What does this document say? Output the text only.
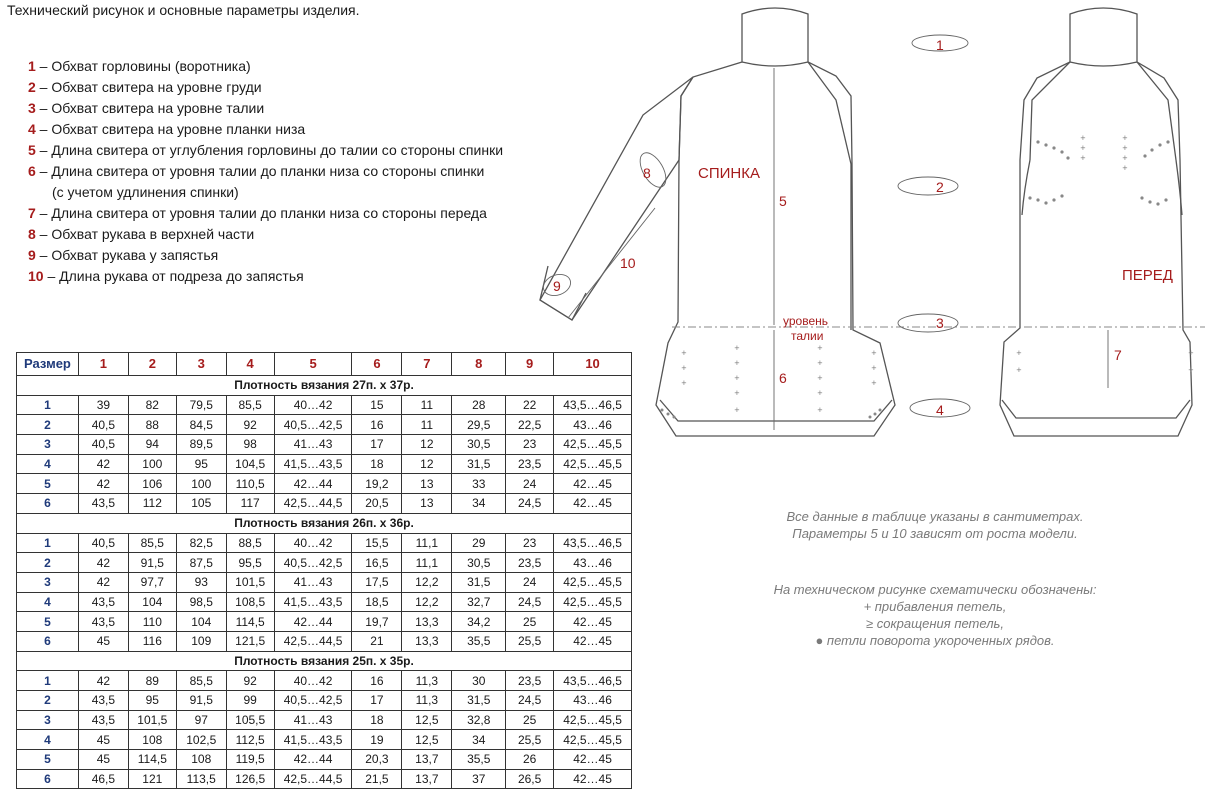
Технический рисунок и основные параметры изделия.
1 – Обхват горловины (воротника)
2 – Обхват свитера на уровне груди
3 – Обхват свитера на уровне талии
4 – Обхват свитера на уровне планки низа
5 – Длина свитера от углубления горловины до талии со стороны спинки
6 – Длина свитера от уровня талии до планки низа со стороны спинки
(с учетом удлинения спинки)
7 – Длина свитера от уровня талии до планки низа со стороны переда
8 – Обхват рукава в верхней части
9 – Обхват рукава у запястья
10 – Длина рукава от подреза до запястья
Размер	1	2	3	4	5	6	7	8	9	10
Плотность вязания 27п. х 37р.										
1	39	82	79,5	85,5	40…42	15	11	28	22	43,5…46,5
2	40,5	88	84,5	92	40,5…42,5	16	11	29,5	22,5	43…46
3	40,5	94	89,5	98	41…43	17	12	30,5	23	42,5…45,5
4	42	100	95	104,5	41,5…43,5	18	12	31,5	23,5	42,5…45,5
5	42	106	100	110,5	42…44	19,2	13	33	24	42…45
6	43,5	112	105	117	42,5…44,5	20,5	13	34	24,5	42…45
Плотность вязания 26п. х 36р.										
1	40,5	85,5	82,5	88,5	40…42	15,5	11,1	29	23	43,5…46,5
2	42	91,5	87,5	95,5	40,5…42,5	16,5	11,1	30,5	23,5	43…46
3	42	97,7	93	101,5	41…43	17,5	12,2	31,5	24	42,5…45,5
4	43,5	104	98,5	108,5	41,5…43,5	18,5	12,2	32,7	24,5	42,5…45,5
5	43,5	110	104	114,5	42…44	19,7	13,3	34,2	25	42…45
6	45	116	109	121,5	42,5…44,5	21	13,3	35,5	25,5	42…45
Плотность вязания 25п. х 35р.										
1	42	89	85,5	92	40…42	16	11,3	30	23,5	43,5…46,5
2	43,5	95	91,5	99	40,5…42,5	17	11,3	31,5	24,5	43…46
3	43,5	101,5	97	105,5	41…43	18	12,5	32,8	25	42,5…45,5
4	45	108	102,5	112,5	41,5…43,5	19	12,5	34	25,5	42,5…45,5
5	45	114,5	108	119,5	42…44	20,3	13,7	35,5	26	42…45
6	46,5	121	113,5	126,5	42,5…44,5	21,5	13,7	37	26,5	42…45
+
+
+
+
+
+
+
+
+
+
+
+
+
+
+
+
+
+
+
+
+
+
+
+
+
+
+
СПИНКА
ПЕРЕД
уровень
талии
1
2
3
4
5
6
7
8
9
10

Все данные в таблице указаны в сантиметрах.

Параметры 5 и 10 зависят от роста модели.

На техническом рисунке схематически обозначены:

+ прибавления петель,

≥ сокращения петель,

● петли поворота укороченных рядов.
